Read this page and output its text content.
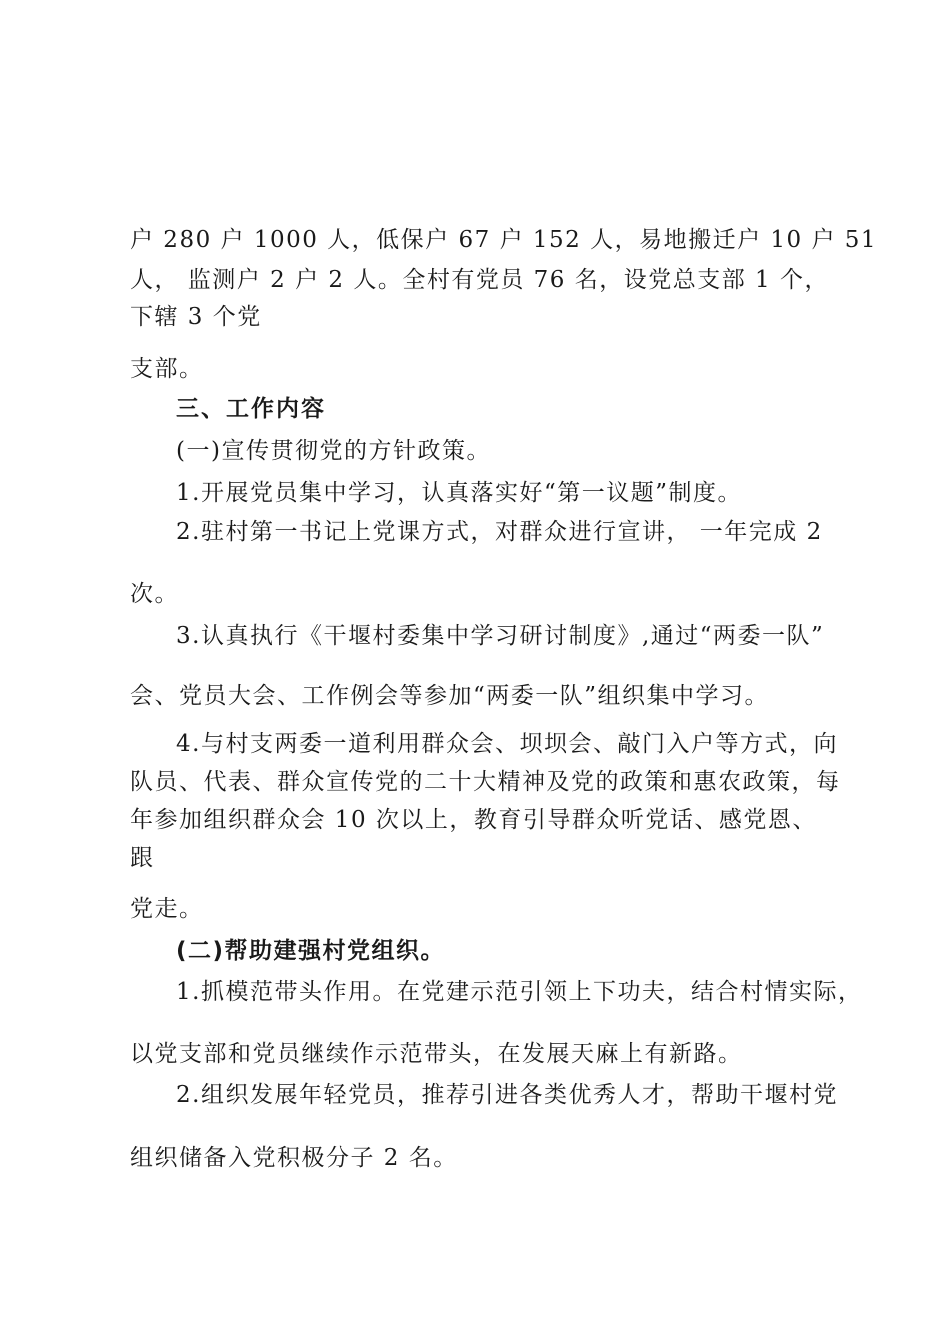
户 280 户 1000 人，低保户 67 户 152 人，易地搬迁户 10 户 51
人， 监测户 2 户 2 人。全村有党员 76 名，设党总支部 1 个，
下辖 3 个党
支部。
三、工作内容
(一)宣传贯彻党的方针政策。
1.开展党员集中学习，认真落实好“第一议题”制度。
2.驻村第一书记上党课方式，对群众进行宣讲， 一年完成 2
次。
3.认真执行《干堰村委集中学习研讨制度》,通过“两委一队”
会、党员大会、工作例会等参加“两委一队”组织集中学习。
4.与村支两委一道利用群众会、坝坝会、敲门入户等方式，向
队员、代表、群众宣传党的二十大精神及党的政策和惠农政策，每
年参加组织群众会 10 次以上，教育引导群众听党话、感党恩、
跟
党走。
(二)帮助建强村党组织。
1.抓模范带头作用。在党建示范引领上下功夫，结合村情实际，
以党支部和党员继续作示范带头，在发展天麻上有新路。
2.组织发展年轻党员，推荐引进各类优秀人才，帮助干堰村党
组织储备入党积极分子 2 名。
